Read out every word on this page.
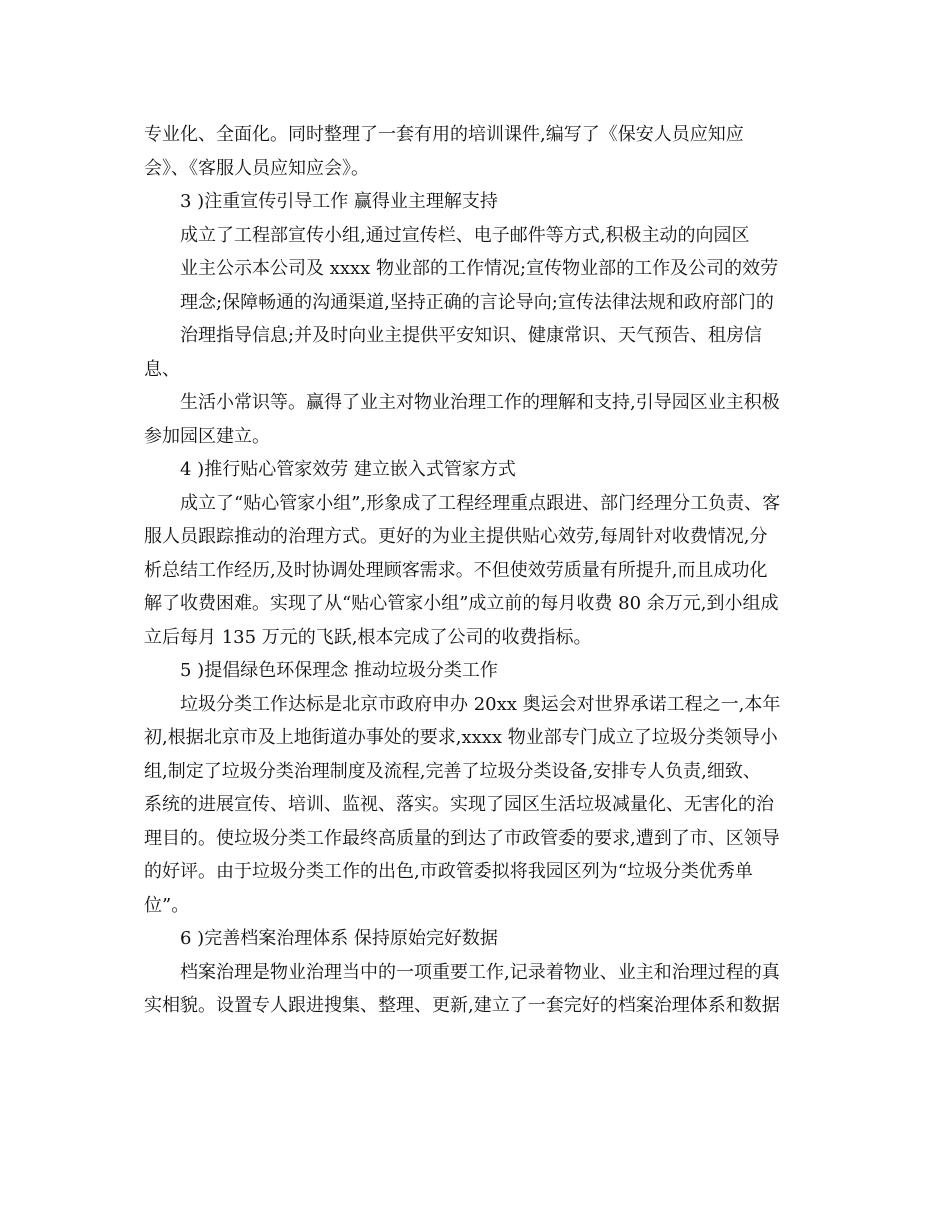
专业化、全面化。同时整理了一套有用的培训课件,编写了《保安人员应知应
会》、《客服人员应知应会》。
3 )注重宣传引导工作 赢得业主理解支持
成立了工程部宣传小组,通过宣传栏、电子邮件等方式,积极主动的向园区
业主公示本公司及 xxxx 物业部的工作情况;宣传物业部的工作及公司的效劳
理念;保障畅通的沟通渠道,坚持正确的言论导向;宣传法律法规和政府部门的
治理指导信息;并及时向业主提供平安知识、健康常识、天气预告、租房信
息、
生活小常识等。赢得了业主对物业治理工作的理解和支持,引导园区业主积极
参加园区建立。
4 )推行贴心管家效劳 建立嵌入式管家方式
成立了“贴心管家小组”,形象成了工程经理重点跟进、部门经理分工负责、客
服人员跟踪推动的治理方式。更好的为业主提供贴心效劳,每周针对收费情况,分
析总结工作经历,及时协调处理顾客需求。不但使效劳质量有所提升,而且成功化
解了收费困难。实现了从“贴心管家小组”成立前的每月收费 80 余万元,到小组成
立后每月 135 万元的飞跃,根本完成了公司的收费指标。
5 )提倡绿色环保理念 推动垃圾分类工作
垃圾分类工作达标是北京市政府申办 20xx 奥运会对世界承诺工程之一,本年
初,根据北京市及上地街道办事处的要求,xxxx 物业部专门成立了垃圾分类领导小
组,制定了垃圾分类治理制度及流程,完善了垃圾分类设备,安排专人负责,细致、
系统的进展宣传、培训、监视、落实。实现了园区生活垃圾减量化、无害化的治
理目的。使垃圾分类工作最终高质量的到达了市政管委的要求,遭到了市、区领导
的好评。由于垃圾分类工作的出色,市政管委拟将我园区列为“垃圾分类优秀单
位”。
6 )完善档案治理体系 保持原始完好数据
档案治理是物业治理当中的一项重要工作,记录着物业、业主和治理过程的真
实相貌。设置专人跟进搜集、整理、更新,建立了一套完好的档案治理体系和数据
